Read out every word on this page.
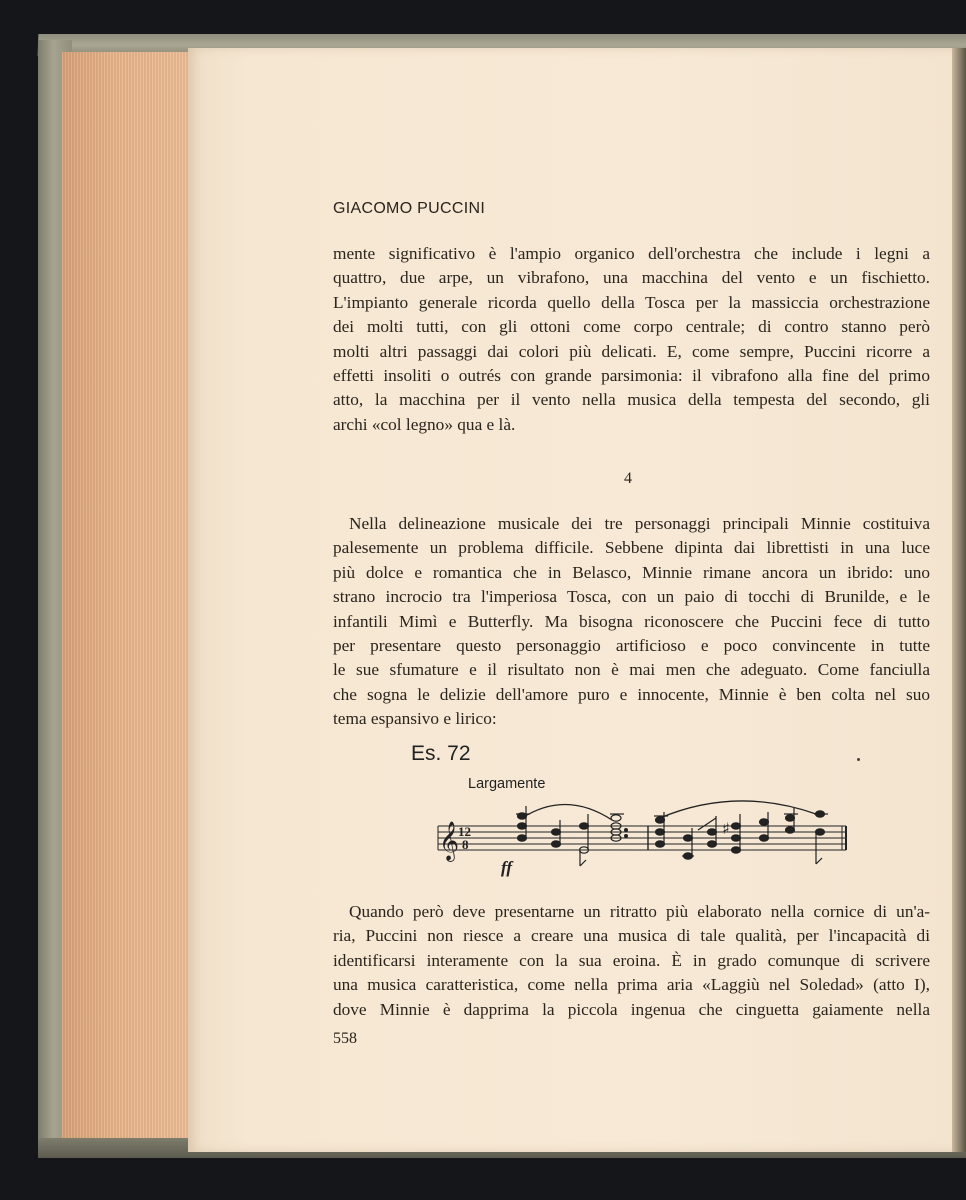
GIACOMO PUCCINI
mente significativo è l'ampio organico dell'orchestra che include i legni a
quattro, due arpe, un vibrafono, una macchina del vento e un fischietto.
L'impianto generale ricorda quello della Tosca per la massiccia orchestrazione
dei molti tutti, con gli ottoni come corpo centrale; di contro stanno però
molti altri passaggi dai colori più delicati. E, come sempre, Puccini ricorre a
effetti insoliti o outrés con grande parsimonia: il vibrafono alla fine del primo
atto, la macchina per il vento nella musica della tempesta del secondo, gli
archi «col legno» qua e là.
4
Nella delineazione musicale dei tre personaggi principali Minnie costituiva
palesemente un problema difficile. Sebbene dipinta dai librettisti in una luce
più dolce e romantica che in Belasco, Minnie rimane ancora un ibrido: uno
strano incrocio tra l'imperiosa Tosca, con un paio di tocchi di Brunilde, e le
infantili Mimì e Butterfly. Ma bisogna riconoscere che Puccini fece di tutto
per presentare questo personaggio artificioso e poco convincente in tutte
le sue sfumature e il risultato non è mai men che adeguato. Come fanciulla
che sogna le delizie dell'amore puro e innocente, Minnie è ben colta nel suo
tema espansivo e lirico:
Es. 72
Largamente
𝄞
12
8
♯
ff
Quando però deve presentarne un ritratto più elaborato nella cornice di un'a-
ria, Puccini non riesce a creare una musica di tale qualità, per l'incapacità di
identificarsi interamente con la sua eroina. È in grado comunque di scrivere
una musica caratteristica, come nella prima aria «Laggiù nel Soledad» (atto I),
dove Minnie è dapprima la piccola ingenua che cinguetta gaiamente nella
558
